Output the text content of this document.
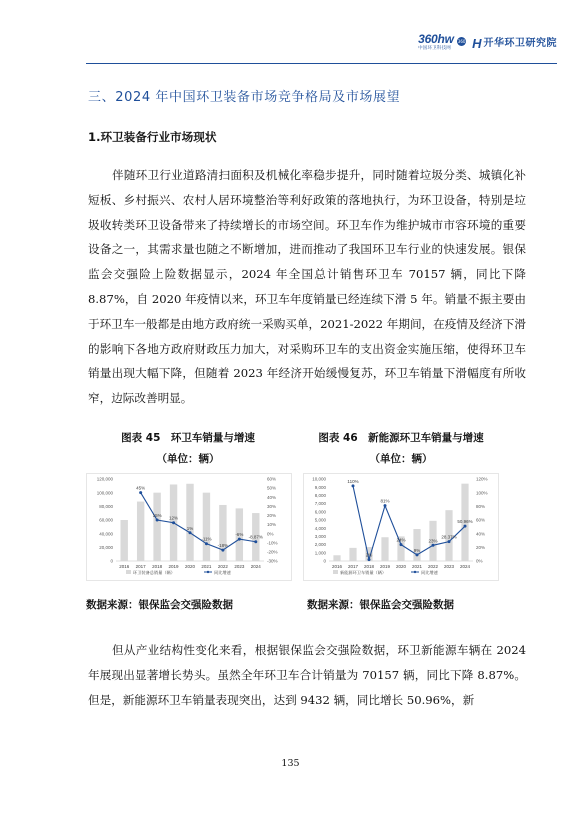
360hw
中国环卫科技网
360 H 开华环卫研究院
三、2024 年中国环卫装备市场竞争格局及市场展望
1.环卫装备行业市场现状

伴随环卫行业道路清扫面积及机械化率稳步提升，同时随着垃圾分类、城镇化补短板、乡村振兴、农村人居环境整治等利好政策的落地执行，为环卫设备，特别是垃圾收转类环卫设备带来了持续增长的市场空间。环卫车作为维护城市市容环境的重要设备之一，其需求量也随之不断增加，进而推动了我国环卫车行业的快速发展。银保监会交强险上险数据显示，2024 年全国总计销售环卫车 70157 辆，同比下降 8.87%，自 2020 年疫情以来，环卫车年度销量已经连续下滑 5 年。销量不振主要由于环卫车一般都是由地方政府统一采购买单，2021-2022 年期间，在疫情及经济下滑的影响下各地方政府财政压力加大，对采购环卫车的支出资金实施压缩，使得环卫车销量出现大幅下降，但随着 2023 年经济开始缓慢复苏，环卫车销量下滑幅度有所收窄，边际改善明显。

图表 45　环卫车销量与增速
（单位：辆）
图表 46　新能源环卫车销量与增速
（单位：辆）
0
20,000
40,000
60,000
80,000
100,000
120,000
-30%
-20%
-10%
0%
10%
20%
30%
40%
50%
60%
2016 2017 2018 2019 2020 2021 2022 2023 2024
45%
15%
12%
1%
-11%
-18%
-6%
-8.87%
环卫装备总销量（辆）	同比增速
0
1,000
2,000
3,000
4,000
5,000
6,000
7,000
8,000
9,000
10,000
0%
20%
40%
60%
80%
100%
120%
2016 2017 2018 2019 2020 2021 2022 2023 2024
110%
2%
81%
24%
9%
23%
28.37%
50.96%
新能源环卫车销量（辆）	同比增速
数据来源：银保监会交强险数据	数据来源：银保监会交强险数据

但从产业结构性变化来看，根据银保监会交强险数据，环卫新能源车辆在 2024 年展现出显著增长势头。虽然全年环卫车合计销量为 70157 辆，同比下降 8.87%。但是，新能源环卫车销量表现突出，达到 9432 辆，同比增长 50.96%，新

135
